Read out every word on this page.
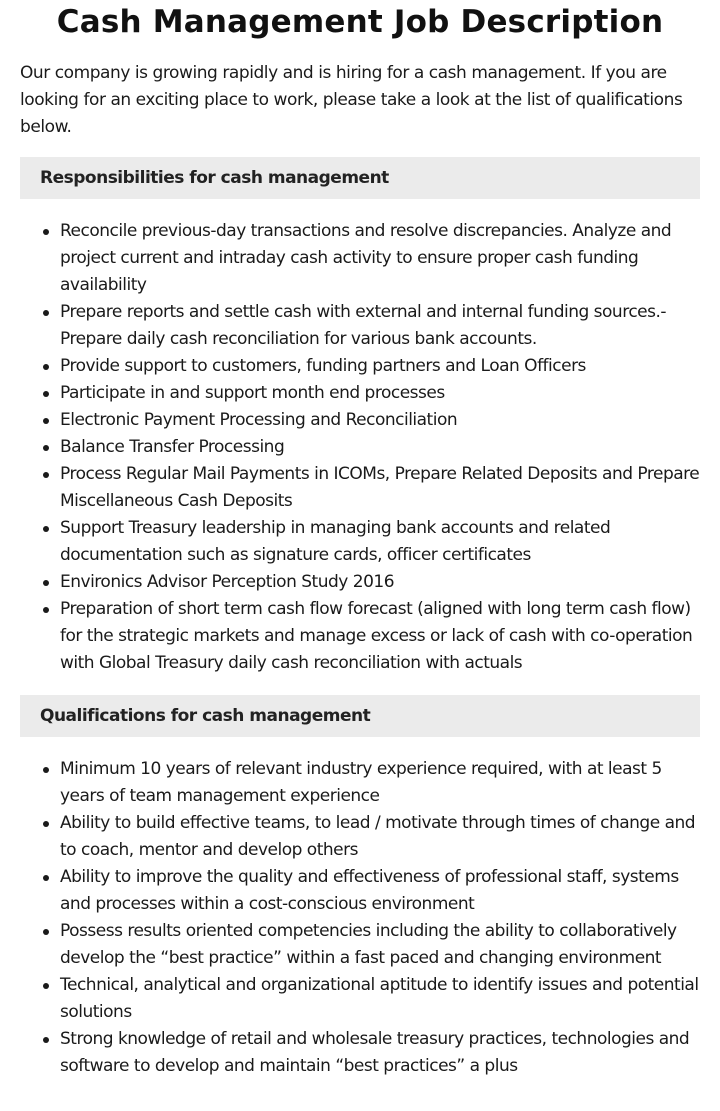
Cash Management Job Description

Our company is growing rapidly and is hiring for a cash management. If you are looking for an exciting place to work, please take a look at the list of qualifications below.

Responsibilities for cash management
Reconcile previous-day transactions and resolve discrepancies. Analyze and project current and intraday cash activity to ensure proper cash funding availability
Prepare reports and settle cash with external and internal funding sources.-Prepare daily cash reconciliation for various bank accounts.
Provide support to customers, funding partners and Loan Officers
Participate in and support month end processes
Electronic Payment Processing and Reconciliation
Balance Transfer Processing
Process Regular Mail Payments in ICOMs, Prepare Related Deposits and Prepare Miscellaneous Cash Deposits
Support Treasury leadership in managing bank accounts and related documentation such as signature cards, officer certificates
Environics Advisor Perception Study 2016
Preparation of short term cash flow forecast (aligned with long term cash flow) for the strategic markets and manage excess or lack of cash with co-operation with Global Treasury daily cash reconciliation with actuals
Qualifications for cash management
Minimum 10 years of relevant industry experience required, with at least 5 years of team management experience
Ability to build effective teams, to lead / motivate through times of change and to coach, mentor and develop others
Ability to improve the quality and effectiveness of professional staff, systems and processes within a cost-conscious environment
Possess results oriented competencies including the ability to collaboratively develop the “best practice” within a fast paced and changing environment
Technical, analytical and organizational aptitude to identify issues and potential solutions
Strong knowledge of retail and wholesale treasury practices, technologies and software to develop and maintain “best practices” a plus
